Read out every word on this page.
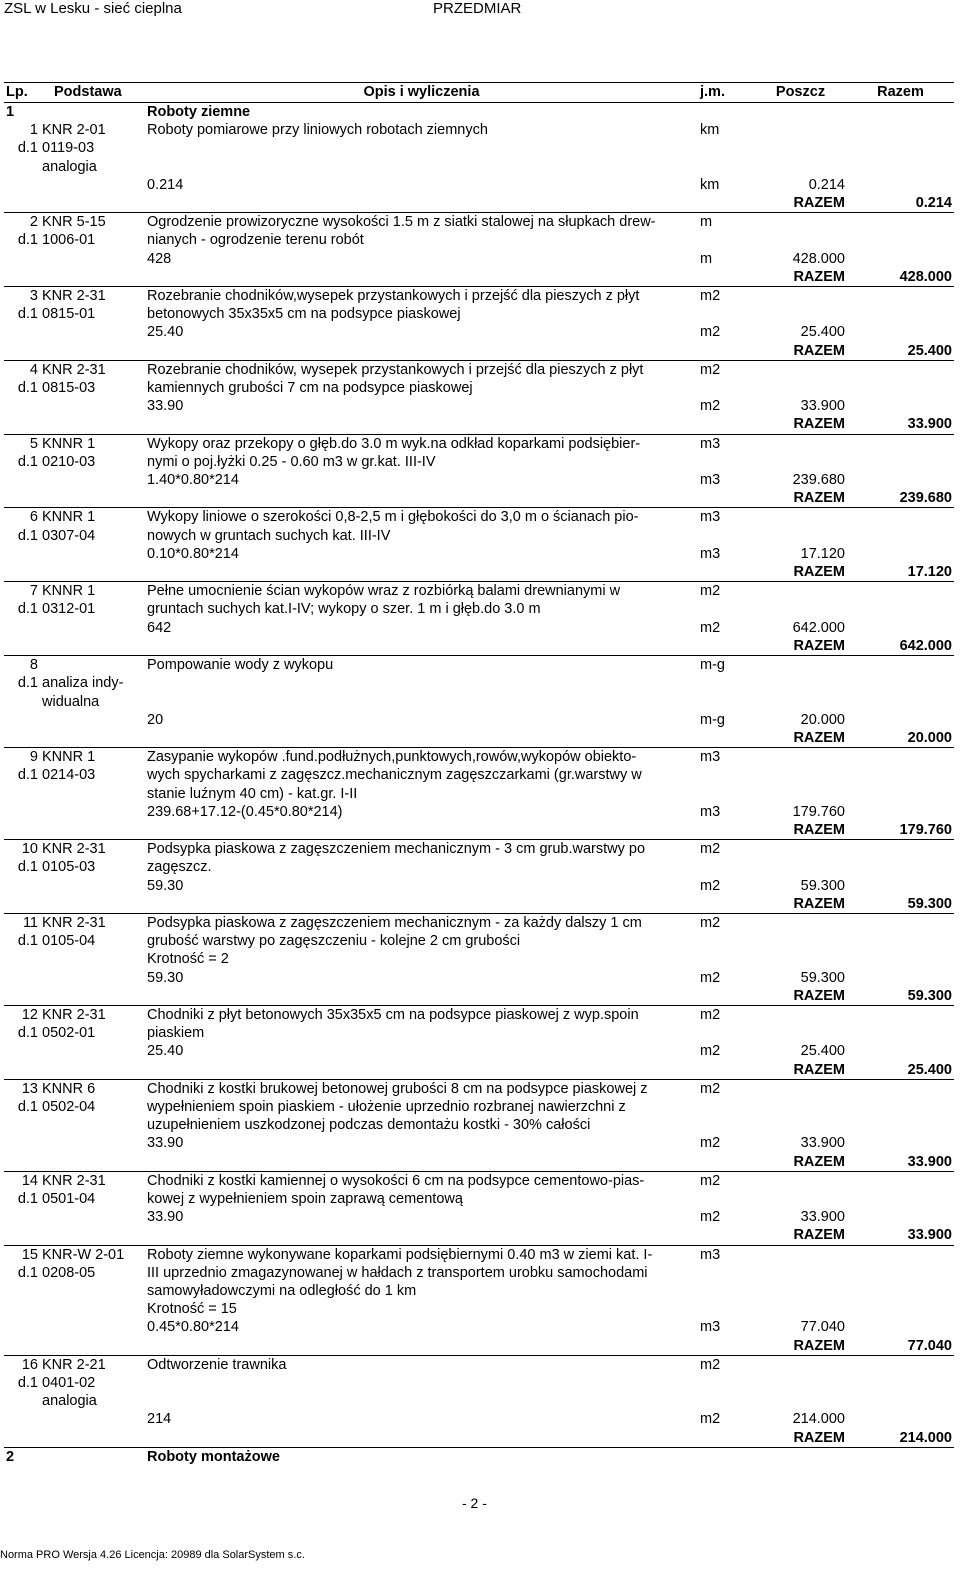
ZSL w Lesku - sieć cieplna	PRZEDMIAR
Lp.	Podstawa	Opis i wyliczenia	j.m.	Poszcz	Razem
1		Roboty ziemne			
1	KNR 2-01	Roboty pomiarowe przy liniowych robotach ziemnych	km		
d.1	0119-03				
	analogia				
		0.214	km	0.214	
				RAZEM	0.214
2	KNR 5-15	Ogrodzenie prowizoryczne wysokości 1.5 m z siatki stalowej na słupkach drew-	m		
d.1	1006-01	nianych - ogrodzenie terenu robót			
		428	m	428.000	
				RAZEM	428.000
3	KNR 2-31	Rozebranie chodników,wysepek przystankowych i przejść dla pieszych z płyt	m2		
d.1	0815-01	betonowych 35x35x5 cm na podsypce piaskowej			
		25.40	m2	25.400	
				RAZEM	25.400
4	KNR 2-31	Rozebranie chodników, wysepek przystankowych i przejść dla pieszych z płyt	m2		
d.1	0815-03	kamiennych grubości 7 cm na podsypce piaskowej			
		33.90	m2	33.900	
				RAZEM	33.900
5	KNNR 1	Wykopy oraz przekopy o głęb.do 3.0 m wyk.na odkład koparkami podsiębier-	m3		
d.1	0210-03	nymi o poj.łyżki 0.25 - 0.60 m3 w gr.kat. III-IV			
		1.40*0.80*214	m3	239.680	
				RAZEM	239.680
6	KNNR 1	Wykopy liniowe o szerokości 0,8-2,5 m i głębokości do 3,0 m o ścianach pio-	m3		
d.1	0307-04	nowych w gruntach suchych kat. III-IV			
		0.10*0.80*214	m3	17.120	
				RAZEM	17.120
7	KNNR 1	Pełne umocnienie ścian wykopów wraz z rozbiórką balami drewnianymi w	m2		
d.1	0312-01	gruntach suchych kat.I-IV; wykopy o szer. 1 m i głęb.do 3.0 m			
		642	m2	642.000	
				RAZEM	642.000
8		Pompowanie wody z wykopu	m-g		
d.1	analiza indy-				
	widualna				
		20	m-g	20.000	
				RAZEM	20.000
9	KNNR 1	Zasypanie wykopów .fund.podłużnych,punktowych,rowów,wykopów obiekto-	m3		
d.1	0214-03	wych spycharkami z zagęszcz.mechanicznym zagęszczarkami (gr.warstwy w			
		stanie luźnym 40 cm) - kat.gr. I-II			
		239.68+17.12-(0.45*0.80*214)	m3	179.760	
				RAZEM	179.760
10	KNR 2-31	Podsypka piaskowa z zagęszczeniem mechanicznym - 3 cm grub.warstwy po	m2		
d.1	0105-03	zagęszcz.			
		59.30	m2	59.300	
				RAZEM	59.300
11	KNR 2-31	Podsypka piaskowa z zagęszczeniem mechanicznym - za każdy dalszy 1 cm	m2		
d.1	0105-04	grubość warstwy po zagęszczeniu - kolejne 2 cm grubości			
		Krotność = 2			
		59.30	m2	59.300	
				RAZEM	59.300
12	KNR 2-31	Chodniki z płyt betonowych 35x35x5 cm na podsypce piaskowej z wyp.spoin	m2		
d.1	0502-01	piaskiem			
		25.40	m2	25.400	
				RAZEM	25.400
13	KNNR 6	Chodniki z kostki brukowej betonowej grubości 8 cm na podsypce piaskowej z	m2		
d.1	0502-04	wypełnieniem spoin piaskiem - ułożenie uprzednio rozbranej nawierzchni z			
		uzupełnieniem uszkodzonej podczas demontażu kostki - 30% całości			
		33.90	m2	33.900	
				RAZEM	33.900
14	KNR 2-31	Chodniki z kostki kamiennej o wysokości 6 cm na podsypce cementowo-pias-	m2		
d.1	0501-04	kowej z wypełnieniem spoin zaprawą cementową			
		33.90	m2	33.900	
				RAZEM	33.900
15	KNR-W 2-01	Roboty ziemne wykonywane koparkami podsiębiernymi 0.40 m3 w ziemi kat. I-	m3		
d.1	0208-05	III uprzednio zmagazynowanej w hałdach z transportem urobku samochodami			
		samowyładowczymi na odległość do 1 km			
		Krotność = 15			
		0.45*0.80*214	m3	77.040	
				RAZEM	77.040
16	KNR 2-21	Odtworzenie trawnika	m2		
d.1	0401-02				
	analogia				
		214	m2	214.000	
				RAZEM	214.000
2		Roboty montażowe			
- 2 -
Norma PRO Wersja 4.26 Licencja: 20989 dla SolarSystem s.c.
